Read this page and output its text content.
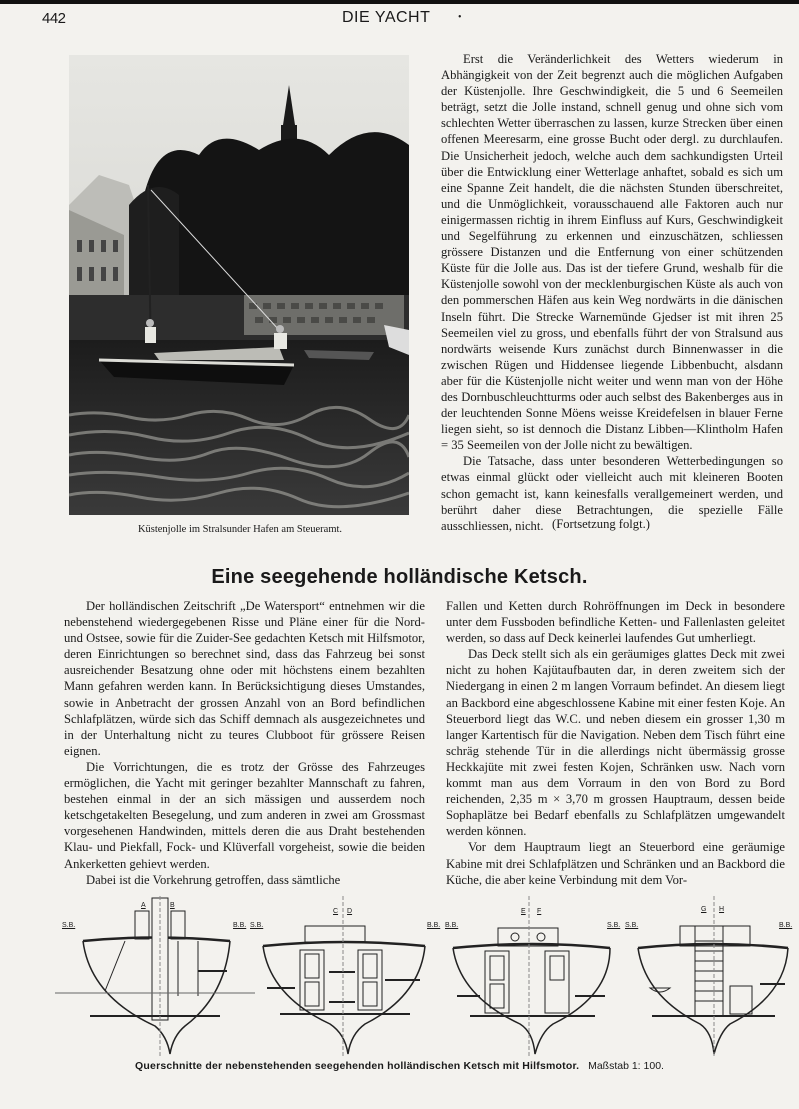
442	DIE YACHT	•
Küstenjolle im Stralsunder Hafen am Steueramt.

Erst die Veränderlichkeit des Wetters wiederum in Abhängigkeit von der Zeit begrenzt auch die möglichen Aufgaben der Küstenjolle. Ihre Geschwindigkeit, die 5 und 6 Seemeilen beträgt, setzt die Jolle instand, schnell genug und ohne sich vom schlechten Wetter überraschen zu lassen, kurze Strecken über einen offenen Meeresarm, eine grosse Bucht oder dergl. zu durchlaufen. Die Unsicherheit jedoch, welche auch dem sachkundigsten Urteil über die Entwicklung einer Wetterlage anhaftet, sobald es sich um eine Spanne Zeit handelt, die die nächsten Stunden überschreitet, und die Unmöglichkeit, vorausschauend alle Faktoren auch nur einigermassen richtig in ihrem Einfluss auf Kurs, Geschwindigkeit und Segelführung zu erkennen und einzuschätzen, schliessen grössere Distanzen und die Entfernung von einer schützenden Küste für die Jolle aus. Das ist der tiefere Grund, weshalb für die Küstenjolle sowohl von der mecklenburgischen Küste als auch von den pommerschen Häfen aus kein Weg nordwärts in die dänischen Inseln führt. Die Strecke Warnemünde Gjedser ist mit ihren 25 Seemeilen viel zu gross, und ebenfalls führt der von Stralsund aus nordwärts weisende Kurs zunächst durch Binnenwasser in die zwischen Rügen und Hiddensee liegende Libbenbucht, alsdann aber für die Küstenjolle nicht weiter und wenn man von der Höhe des Dornbuschleuchtturms oder auch selbst des Bakenberges aus in der leuchtenden Sonne Möens weisse Kreidefelsen in blauer Ferne liegen sieht, so ist dennoch die Distanz Libben—Klintholm Hafen = 35 Seemeilen von der Jolle nicht zu bewältigen.

Die Tatsache, dass unter besonderen Wetterbedingungen so etwas einmal glückt oder vielleicht auch mit kleineren Booten schon gemacht ist, kann keinesfalls verallgemeinert werden, und berührt daher diese Betrachtungen, die spezielle Fälle ausschliessen, nicht. (Fortsetzung folgt.)
Eine seegehende holländische Ketsch.

Der holländischen Zeitschrift „De Watersport“ entnehmen wir die nebenstehend wiedergegebenen Risse und Pläne einer für die Nord- und Ostsee, sowie für die Zuider-See gedachten Ketsch mit Hilfsmotor, deren Einrichtungen so berechnet sind, dass das Fahrzeug bei sonst ausreichender Besatzung ohne oder mit höchstens einem bezahlten Mann gefahren werden kann. In Berücksichtigung dieses Umstandes, sowie in Anbetracht der grossen Anzahl von an Bord befindlichen Schlafplätzen, würde sich das Schiff demnach als ausgezeichnetes und in der Unterhaltung nicht zu teures Clubboot für grössere Reisen eignen.

Die Vorrichtungen, die es trotz der Grösse des Fahrzeuges ermöglichen, die Yacht mit geringer bezahlter Mannschaft zu fahren, bestehen einmal in der an sich mässigen und ausserdem noch ketschgetakelten Besegelung, und zum anderen in zwei am Grossmast vorgesehenen Handwinden, mittels deren die aus Draht bestehenden Klau- und Piekfall, Fock- und Klüverfall vorgeheist, sowie die beiden Ankerketten gehievt werden.

Dabei ist die Vorkehrung getroffen, dass sämtliche

Fallen und Ketten durch Rohröffnungen im Deck in besondere unter dem Fussboden befindliche Ketten- und Fallenlasten geleitet werden, so dass auf Deck keinerlei laufendes Gut umherliegt.

Das Deck stellt sich als ein geräumiges glattes Deck mit zwei nicht zu hohen Kajütaufbauten dar, in deren zweitem sich der Niedergang in einen 2 m langen Vorraum befindet. An diesem liegt an Backbord eine abgeschlossene Kabine mit einer festen Koje. An Steuerbord liegt das W.C. und neben diesem ein grosser 1,30 m langer Kartentisch für die Navigation. Neben dem Tisch führt eine schräg stehende Tür in die allerdings nicht übermässig grosse Heckkajüte mit zwei festen Kojen, Schränken usw. Nach vorn kommt man aus dem Vorraum in den von Bord zu Bord reichenden, 2,35 m × 3,70 m grossen Hauptraum, dessen beide Sophaplätze bei Bedarf ebenfalls zu Schlafplätzen umgewandelt werden können.

Vor dem Hauptraum liegt an Steuerbord eine geräumige Kabine mit drei Schlafplätzen und Schränken und an Backbord die Küche, die aber keine Verbindung mit dem Vor-

S.B.
A	B
B.B. S.B.
C D
B.B. B.B.
E F
S.B. S.B.
G H
B.B.
Querschnitte der nebenstehenden seegehenden holländischen Ketsch mit Hilfsmotor. Maßstab 1: 100.
